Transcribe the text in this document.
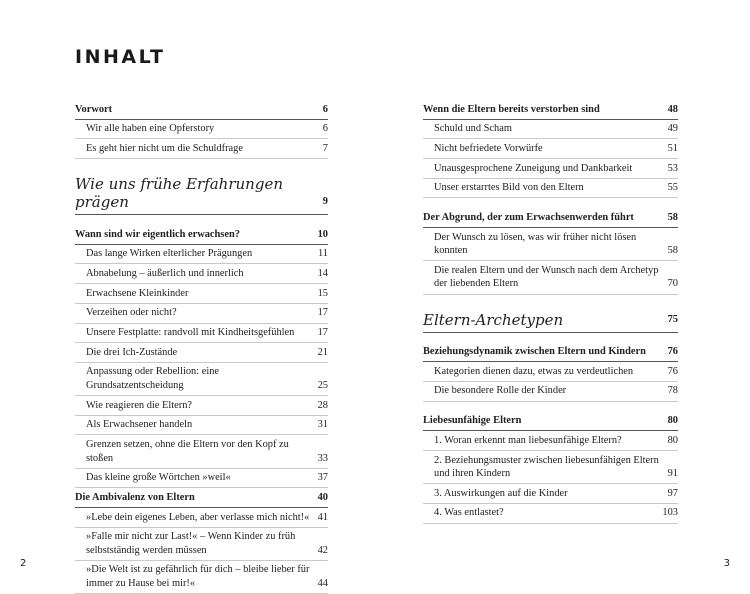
INHALT
Vorwort	6
Wir alle haben eine Opferstory	6
Es geht hier nicht um die Schuldfrage	7
Wie uns frühe Erfahrungen prägen	9
Wann sind wir eigentlich erwachsen?	10
Das lange Wirken elterlicher Prägungen	11
Abnabelung – äußerlich und innerlich	14
Erwachsene Kleinkinder	15
Verzeihen oder nicht?	17
Unsere Festplatte: randvoll mit Kindheitsgefühlen	17
Die drei Ich-Zustände	21
Anpassung oder Rebellion: eine Grundsatzentscheidung	25
Wie reagieren die Eltern?	28
Als Erwachsener handeln	31
Grenzen setzen, ohne die Eltern vor den Kopf zu stoßen	33
Das kleine große Wörtchen »weil«	37
Die Ambivalenz von Eltern	40
»Lebe dein eigenes Leben, aber verlasse mich nicht!« 41
»Falle mir nicht zur Last!« – Wenn Kinder zu früh selbstständig werden müssen	42
»Die Welt ist zu gefährlich für dich – bleibe lieber für immer zu Hause bei mir!«	44
Wenn die Eltern bereits verstorben sind	48
Schuld und Scham	49
Nicht befriedete Vorwürfe	51
Unausgesprochene Zuneigung und Dankbarkeit	53
Unser erstarrtes Bild von den Eltern	55
Der Abgrund, der zum Erwachsenwerden führt	58
Der Wunsch zu lösen, was wir früher nicht lösen konnten	58
Die realen Eltern und der Wunsch nach dem Archetyp der liebenden Eltern	70
Eltern-Archetypen	75
Beziehungsdynamik zwischen Eltern und Kindern	76
Kategorien dienen dazu, etwas zu verdeutlichen	76
Die besondere Rolle der Kinder	78
Liebesunfähige Eltern	80
1. Woran erkennt man liebesunfähige Eltern?	80
2. Beziehungsmuster zwischen liebesunfähigen Eltern und ihren Kindern	91
3. Auswirkungen auf die Kinder	97
4. Was entlastet?	103
2	3
